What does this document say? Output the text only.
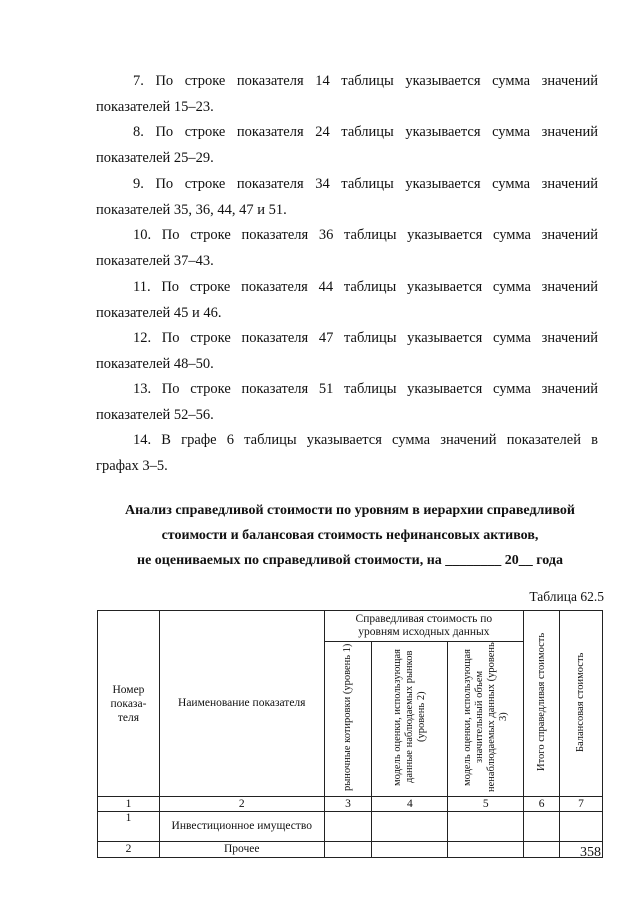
7. По строке показателя 14 таблицы указывается сумма значений
показателей 15–23.
8. По строке показателя 24 таблицы указывается сумма значений
показателей 25–29.
9. По строке показателя 34 таблицы указывается сумма значений
показателей 35, 36, 44, 47 и 51.
10. По строке показателя 36 таблицы указывается сумма значений
показателей 37–43.
11. По строке показателя 44 таблицы указывается сумма значений
показателей 45 и 46.
12. По строке показателя 47 таблицы указывается сумма значений
показателей 48–50.
13. По строке показателя 51 таблицы указывается сумма значений
показателей 52–56.
14. В графе 6 таблицы указывается сумма значений показателей в
графах 3–5.
Анализ справедливой стоимости по уровням в иерархии справедливой
стоимости и балансовая стоимость нефинансовых активов,
не оцениваемых по справедливой стоимости, на ________ 20__ года
Таблица 62.5
Номер показа-теля	Наименование показателя	Справедливая стоимость по уровням исходных данных			Итого справедливая стоимость	Балансовая стоимость
		рыночные котировки (уровень 1)	модель оценки, использующая данные наблюдаемых рынков (уровень 2)	модель оценки, использующая значительный объем ненаблюдаемых данных (уровень 3)		
1	2	3	4	5	6	7
1	Инвестиционное имущество					
2	Прочее						358
